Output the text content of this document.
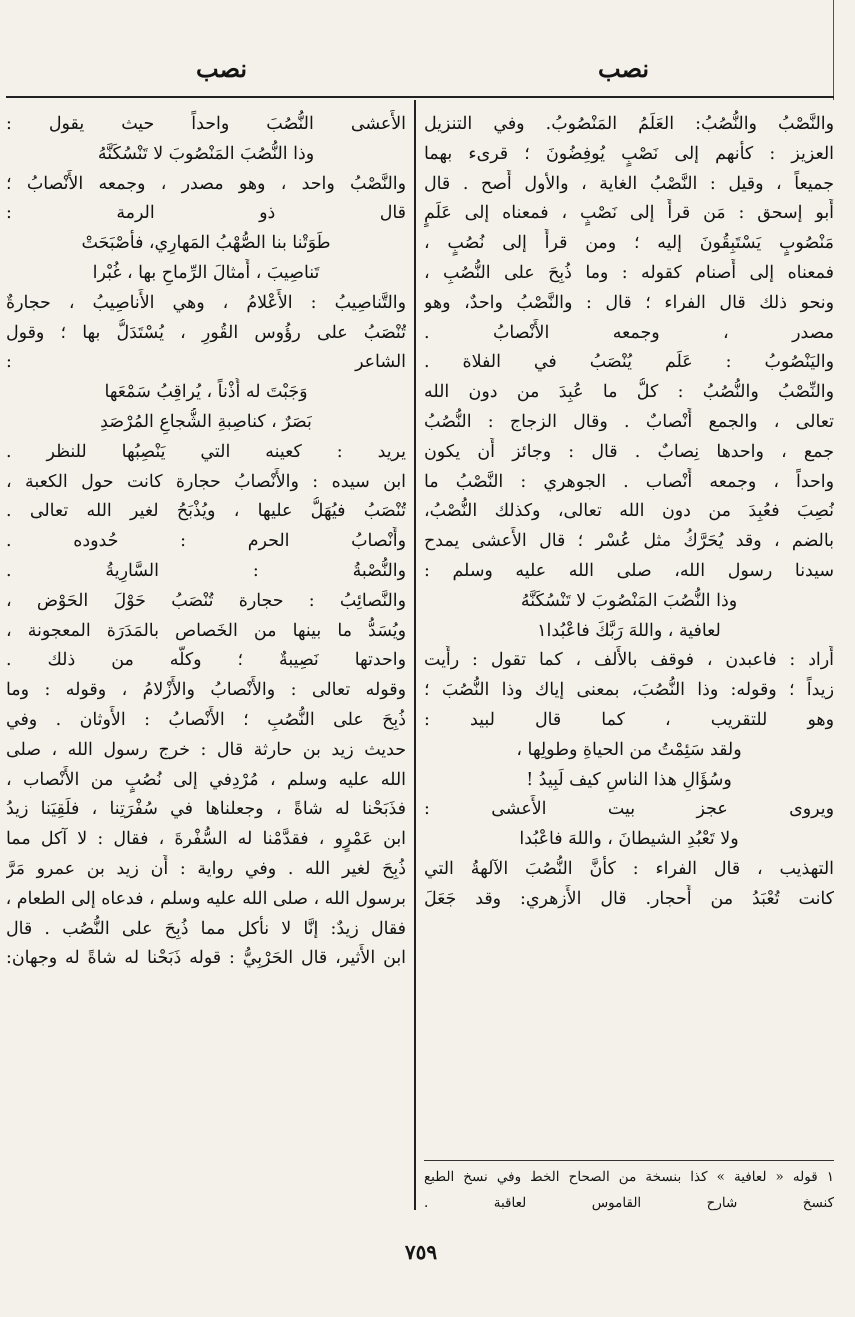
نصب
نصب
والنَّصْبُ والنُّصُبُ: العَلَمُ المَنْصُوبُ. وفي التنزيل
العزيز : كأَنهم إلى نَصْبٍ يُوفِضُونَ ؛ قرىء بهما
جميعاً ، وقيل : النَّصْبُ الغاية ، والأول أَصح . قال
أَبو إسحق : مَن قرأَ إلى نَصْبٍ ، فمعناه إلى عَلَمٍ
مَنْصُوبٍ يَسْتَبِقُونَ إليه ؛ ومن قرأَ إلى نُصُبٍ ،
فمعناه إلى أَصنام كقوله : وما ذُبِحَ على النُّصُبِ ،
ونحو ذلك قال الفراء ؛ قال : والنَّصْبُ واحدٌ، وهو
مصدر ، وجمعه الأَنْصابُ .
واليَنْصُوبُ : عَلَم يُنْصَبُ في الفلاة .
والنِّصْبُ والنُّصُبُ : كلُّ ما عُبِدَ من دون الله
تعالى ، والجمع أَنْصابٌ . وقال الزجاج : النُّصُبُ
جمع ، واحدها نِصابٌ . قال : وجائز أَن يكون
واحداً ، وجمعه أَنْصاب . الجوهري : النَّصْبُ ما
نُصِبَ فعُبِدَ من دون الله تعالى، وكذلك النُّصْبُ،
بالضم ، وقد يُحَرَّكُ مثل عُسْر ؛ قال الأَعشى يمدح
سيدنا رسول الله، صلى الله عليه وسلم :
وذا النُّصُبَ المَنْصُوبَ لا تَنْسُكَنَّهُ
لعافية ، واللهَ رَبَّكَ فاعْبُدا١
أَراد : فاعبدن ، فوقف بالأَلف ، كما تقول : رأَيت
زيداً ؛ وقوله: وذا النُّصُبَ، بمعنى إياك وذا النُّصُبَ ؛
وهو للتقريب ، كما قال لبيد :
ولقد سَئِمْتُ من الحياةِ وطولِها ،
وسُؤَالِ هذا الناسِ كيف لَبِيدُ !
ويروى عجز بيت الأَعشى :
ولا تَعْبُدِ الشيطانَ ، واللهَ فاعْبُدا
التهذيب ، قال الفراء : كأَنَّ النُّصُبَ الآلهةُ التي
كانت تُعْبَدُ من أَحجار. قال الأَزهري: وقد جَعَلَ
الأَعشى النُّصُبَ واحداً حيث يقول :
وذا النُّصُبَ المَنْصُوبَ لا تَنْسُكَنَّهُ
والنَّصْبُ واحد ، وهو مصدر ، وجمعه الأَنْصابُ ؛
قال ذو الرمة :
طَوَتْنا بنا الصُّهْبُ المَهارِي، فأَصْبَحَتْ
تَناصِيبَ ، أَمثالَ الرِّماحِ بها ، غُبْرا
والتَّناصِيبُ : الأَعْلامُ ، وهي الأَناصِيبُ ، حجارةٌ
تُنْصَبُ على رؤُوس القُورِ ، يُسْتَدَلُّ بها ؛ وقول
الشاعر :
وَجَبْتَ له أُذْناً ، يُراقِبُ سَمْعَها
بَصَرٌ ، كناصِبةِ الشُّجاعِ المُرْصَدِ
يريد : كعينه التي يَنْصِبُها للنظر .
ابن سيده : والأَنْصابُ حجارة كانت حول الكعبة ،
تُنْصَبُ فيُهَلُّ عليها ، ويُذْبَحُ لغير الله تعالى .
وأَنْصابُ الحرم : حُدوده .
والنُّصْبةُ : السَّارِيةُ .
والنَّصائِبُ : حجارة تُنْصَبُ حَوْلَ الحَوْض ،
ويُسَدُّ ما بينها من الخَصاص بالمَدَرَة المعجونة ،
واحدتها نَصِيبةٌ ؛ وكلُّه من ذلك .
وقوله تعالى : والأَنْصابُ والأَزْلامُ ، وقوله : وما
ذُبِحَ على النُّصُبِ ؛ الأَنْصابُ : الأَوثان . وفي
حديث زيد بن حارثة قال : خرج رسول الله ، صلى
الله عليه وسلم ، مُرْدِفي إلى نُصُبٍ من الأَنْصاب ،
فذَبَحْنا له شاةً ، وجعلناها في سُفْرَتِنا ، فلَقِيَنا زيدُ
ابن عَمْرٍو ، فقدَّمْنا له السُّفْرةَ ، فقال : لا آكل مما
ذُبِحَ لغير الله . وفي رواية : أَن زيد بن عمرو مَرَّ
برسول الله ، صلى الله عليه وسلم ، فدعاه إلى الطعام ،
فقال زيدٌ: إنَّا لا نأْكل مما ذُبِحَ على النُّصُب . قال
ابن الأَثير، قال الحَرْبِيُّ : قوله ذَبَحْنا له شاةً له وجهان:
١ قوله « لعافية » كذا بنسخة من الصحاح الخط وفي نسخ الطبع
كنسخ شارح القاموس لعاقبة .
٧٥٩
